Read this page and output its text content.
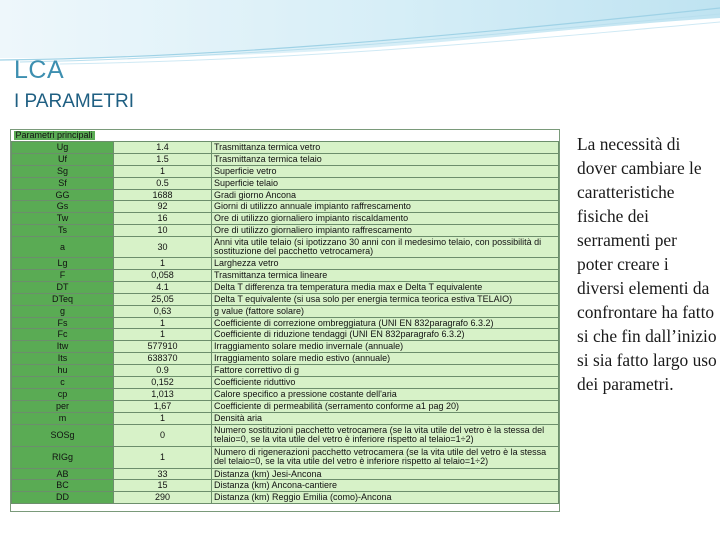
LCA
I PARAMETRI
Parametri principali		
Ug	1.4	Trasmittanza termica vetro
Uf	1.5	Trasmittanza termica telaio
Sg	1	Superficie vetro
Sf	0.5	Superficie telaio
GG	1688	Gradi giorno Ancona
Gs	92	Giorni di utilizzo annuale impianto raffrescamento
Tw	16	Ore di utilizzo giornaliero impianto riscaldamento
Ts	10	Ore di utilizzo giornaliero impianto raffrescamento
a	30	Anni vita utile telaio (si ipotizzano 30 anni con il medesimo telaio, con possibilità di sostituzione del pacchetto vetrocamera)
Lg	1	Larghezza vetro
F	0,058	Trasmittanza termica lineare
DT	4.1	Delta T differenza tra temperatura media max e Delta T equivalente
DTeq	25,05	Delta T equivalente (si usa solo per energia termica teorica estiva TELAIO)
g	0,63	g value (fattore solare)
Fs	1	Coefficiente di correzione ombreggiatura (UNI EN 832paragrafo 6.3.2)
Fc	1	Coefficiente di riduzione tendaggi (UNI EN 832paragrafo 6.3.2)
Itw	577910	Irraggiamento solare medio invernale (annuale)
Its	638370	Irraggiamento solare medio estivo (annuale)
hu	0.9	Fattore correttivo di g
c	0,152	Coefficiente riduttivo
cp	1,013	Calore specifico a pressione costante dell'aria
per	1,67	Coefficiente di permeabilità (serramento conforme a1 pag 20)
m	1	Densità aria
SOSg	0	Numero sostituzioni pacchetto vetrocamera (se la vita utile del vetro è la stessa del telaio=0, se la vita utile del vetro è inferiore rispetto al telaio=1÷2)
RIGg	1	Numero di rigenerazioni pacchetto vetrocamera (se la vita utile del vetro è la stessa del telaio=0, se la vita utile del vetro è inferiore rispetto al telaio=1÷2)
AB	33	Distanza (km) Jesi-Ancona
BC	15	Distanza (km) Ancona-cantiere
DD	290	Distanza (km) Reggio Emilia (como)-Ancona
La necessità di dover cambiare le caratteristiche fisiche dei serramenti per poter creare i diversi elementi da confrontare ha fatto si che fin dall’inizio si sia fatto largo uso dei parametri.
